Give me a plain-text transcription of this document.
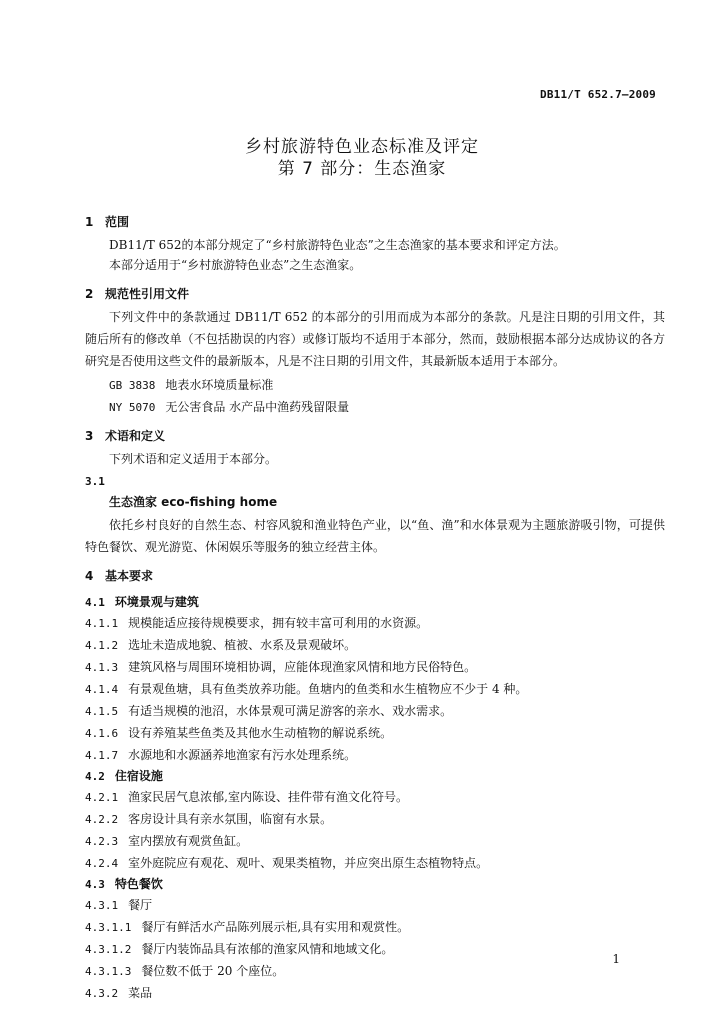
DB11/T 652.7—2009
乡村旅游特色业态标准及评定
第 7 部分：生态渔家
1 范围
DB11/T 652的本部分规定了“乡村旅游特色业态”之生态渔家的基本要求和评定方法。
本部分适用于“乡村旅游特色业态”之生态渔家。
2 规范性引用文件
下列文件中的条款通过 DB11/T 652 的本部分的引用而成为本部分的条款。凡是注日期的引用文件，其随后所有的修改单（不包括勘误的内容）或修订版均不适用于本部分，然而，鼓励根据本部分达成协议的各方研究是否使用这些文件的最新版本，凡是不注日期的引用文件，其最新版本适用于本部分。
GB 3838 地表水环境质量标准
NY 5070 无公害食品 水产品中渔药残留限量
3 术语和定义
下列术语和定义适用于本部分。
3.1
生态渔家 eco-fishing home
依托乡村良好的自然生态、村容风貌和渔业特色产业，以“鱼、渔”和水体景观为主题旅游吸引物，可提供特色餐饮、观光游览、休闲娱乐等服务的独立经营主体。
4 基本要求
4.1 环境景观与建筑
4.1.1 规模能适应接待规模要求，拥有较丰富可利用的水资源。
4.1.2 选址未造成地貌、植被、水系及景观破坏。
4.1.3 建筑风格与周围环境相协调，应能体现渔家风情和地方民俗特色。
4.1.4 有景观鱼塘，具有鱼类放养功能。鱼塘内的鱼类和水生植物应不少于 4 种。
4.1.5 有适当规模的池沼，水体景观可满足游客的亲水、戏水需求。
4.1.6 设有养殖某些鱼类及其他水生动植物的解说系统。
4.1.7 水源地和水源涵养地渔家有污水处理系统。
4.2 住宿设施
4.2.1 渔家民居气息浓郁,室内陈设、挂件带有渔文化符号。
4.2.2 客房设计具有亲水氛围，临窗有水景。
4.2.3 室内摆放有观赏鱼缸。
4.2.4 室外庭院应有观花、观叶、观果类植物，并应突出原生态植物特点。
4.3 特色餐饮
4.3.1 餐厅
4.3.1.1 餐厅有鲜活水产品陈列展示柜,具有实用和观赏性。
4.3.1.2 餐厅内装饰品具有浓郁的渔家风情和地域文化。
4.3.1.3 餐位数不低于 20 个座位。
4.3.2 菜品
1
